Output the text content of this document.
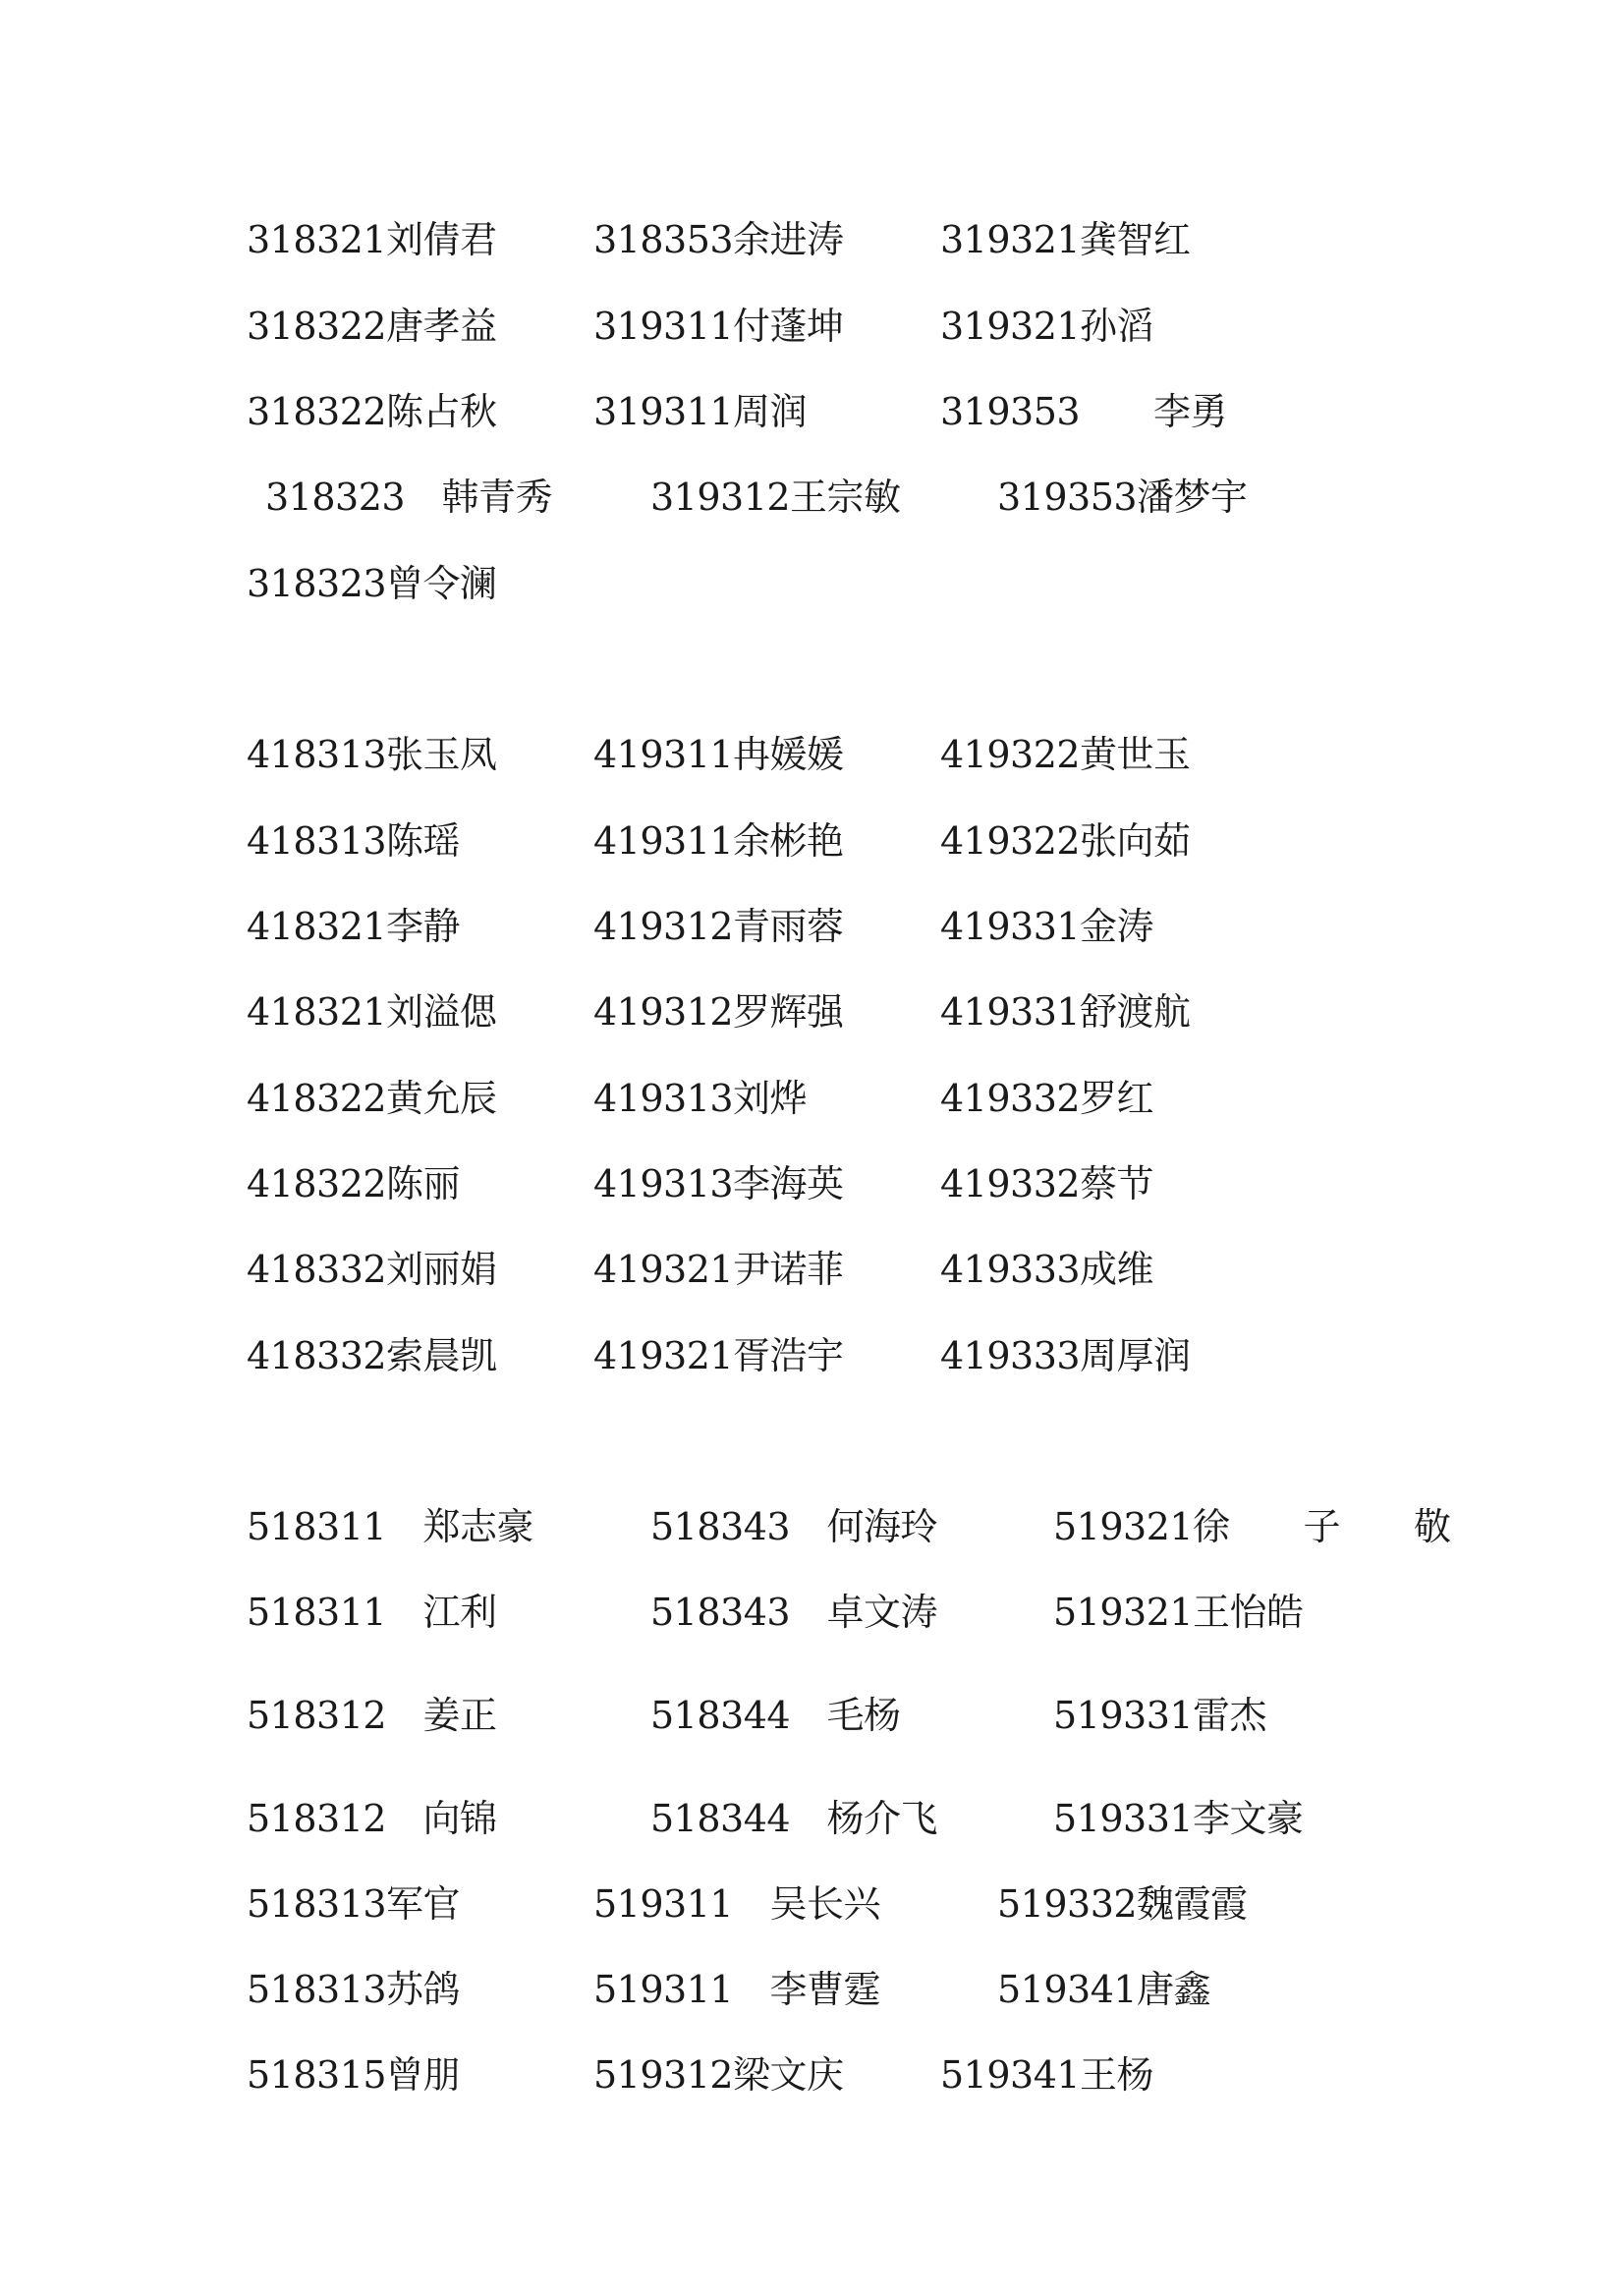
318321刘倩君	318353余进涛	319321龚智红
318322唐孝益	319311付蓬坤	319321孙滔
318322陈占秋	319311周润	319353　　李勇
318323　韩青秀	319312王宗敏	319353潘梦宇
318323曾令澜
418313张玉凤	419311冉媛媛	419322黄世玉
418313陈瑶	419311余彬艳	419322张向茹
418321李静	419312青雨蓉	419331金涛
418321刘溢偲	419312罗辉强	419331舒渡航
418322黄允辰	419313刘烨	419332罗红
418322陈丽	419313李海英	419332蔡节
418332刘丽娟	419321尹诺菲	419333成维
418332索晨凯	419321胥浩宇	419333周厚润
518311　郑志豪	518343　何海玲	519321徐　　子　　敬
518311　江利	518343　卓文涛	519321王怡皓
518312　姜正	518344　毛杨	519331雷杰
518312　向锦	518344　杨介飞	519331李文豪
518313军官	519311　吴长兴	519332魏霞霞
518313苏鸽	519311　李曹霆	519341唐鑫
518315曾朋	519312梁文庆	519341王杨
